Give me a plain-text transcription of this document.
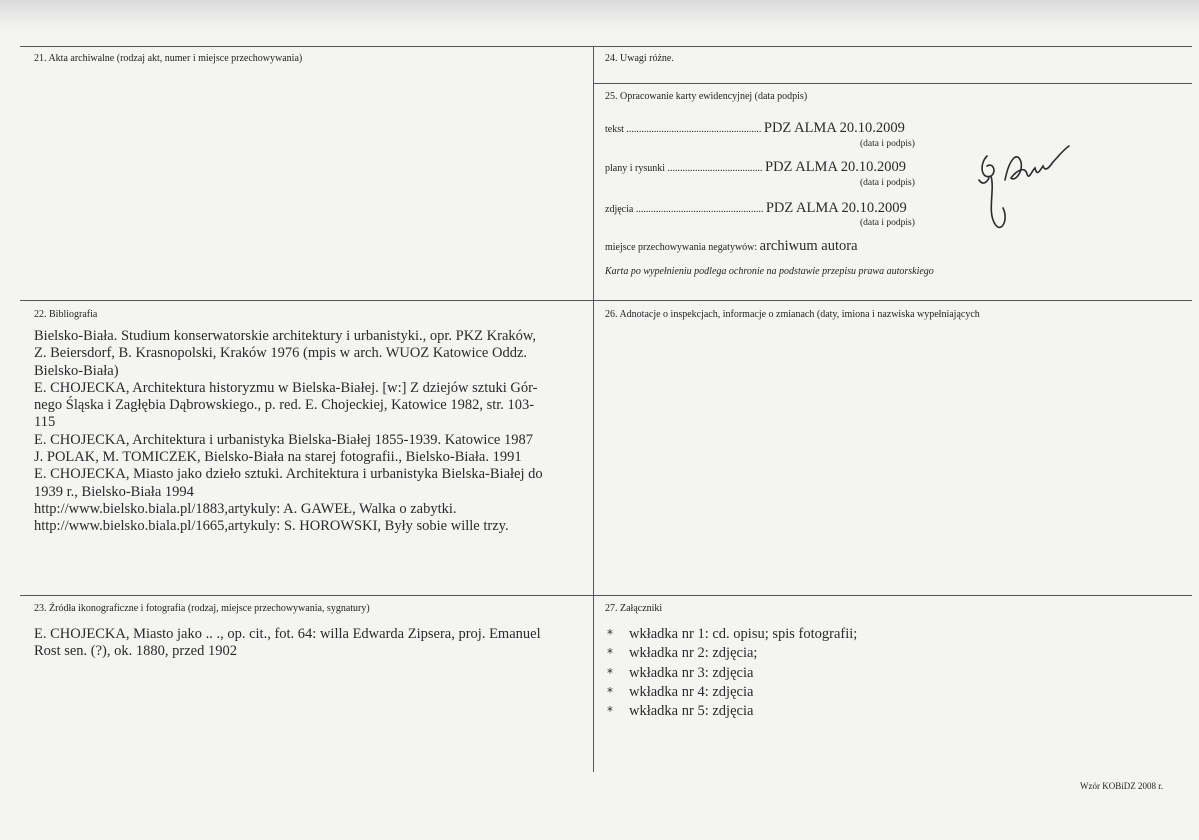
21. Akta archiwalne (rodzaj akt, numer i miejsce przechowywania)	24. Uwagi różne.
25. Opracowanie karty ewidencyjnej (data podpis)
tekst ...................................................... PDZ ALMA 20.10.2009
(data i podpis)
plany i rysunki ...................................... PDZ ALMA 20.10.2009
(data i podpis)
zdjęcia ................................................... PDZ ALMA 20.10.2009
(data i podpis)
miejsce przechowywania negatywów: archiwum autora
Karta po wypełnieniu podlega ochronie na podstawie przepisu prawa autorskiego
22. Bibliografia
Bielsko-Biała. Studium konserwatorskie architektury i urbanistyki., opr. PKZ Kraków,
Z. Beiersdorf, B. Krasnopolski, Kraków 1976 (mpis w arch. WUOZ Katowice Oddz.
Bielsko-Biała)
E. CHOJECKA, Architektura historyzmu w Bielska-Białej. [w:] Z dziejów sztuki Gór-
nego Śląska i Zagłębia Dąbrowskiego., p. red. E. Chojeckiej, Katowice 1982, str. 103-
115
E. CHOJECKA, Architektura i urbanistyka Bielska-Białej 1855-1939. Katowice 1987
J. POLAK, M. TOMICZEK, Bielsko-Biała na starej fotografii., Bielsko-Biała. 1991
E. CHOJECKA, Miasto jako dzieło sztuki. Architektura i urbanistyka Bielska-Białej do
1939 r., Bielsko-Biała 1994
http://www.bielsko.biala.pl/1883,artykuly: A. GAWEŁ, Walka o zabytki.
http://www.bielsko.biala.pl/1665,artykuly: S. HOROWSKI, Były sobie wille trzy.
26. Adnotacje o inspekcjach, informacje o zmianach (daty, imiona i nazwiska wypełniających
23. Źródła ikonograficzne i fotografia (rodzaj, miejsce przechowywania, sygnatury)
E. CHOJECKA, Miasto jako .. ., op. cit., fot. 64: willa Edwarda Zipsera, proj. Emanuel
Rost sen. (?), ok. 1880, przed 1902
27. Załączniki
* wkładka nr 1: cd. opisu; spis fotografii;
* wkładka nr 2: zdjęcia;
* wkładka nr 3: zdjęcia
* wkładka nr 4: zdjęcia
* wkładka nr 5: zdjęcia
Wzór KOBiDZ 2008 r.
